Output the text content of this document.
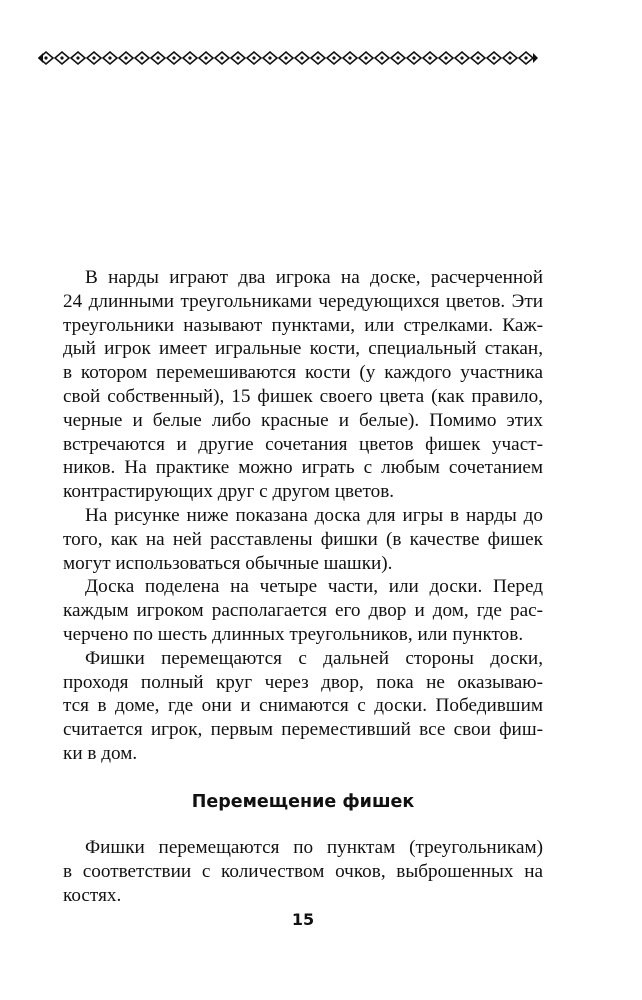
В нарды играют два игрока на доске, расчерченной
24 длинными треугольниками чередующихся цветов. Эти
треугольники называют пунктами, или стрелками. Каж-
дый игрок имеет игральные кости, специальный стакан,
в котором перемешиваются кости (у каждого участника
свой собственный), 15 фишек своего цвета (как правило,
черные и белые либо красные и белые). Помимо этих
встречаются и другие сочетания цветов фишек участ-
ников. На практике можно играть с любым сочетанием
контрастирующих друг с другом цветов.
На рисунке ниже показана доска для игры в нарды до
того, как на ней расставлены фишки (в качестве фишек
могут использоваться обычные шашки).
Доска поделена на четыре части, или доски. Перед
каждым игроком располагается его двор и дом, где рас-
черчено по шесть длинных треугольников, или пунктов.
Фишки перемещаются с дальней стороны доски,
проходя полный круг через двор, пока не оказываю-
тся в доме, где они и снимаются с доски. Победившим
считается игрок, первым переместивший все свои фиш-
ки в дом.
Перемещение фишек
Фишки перемещаются по пунктам (треугольникам)
в соответствии с количеством очков, выброшенных на
костях.
15
